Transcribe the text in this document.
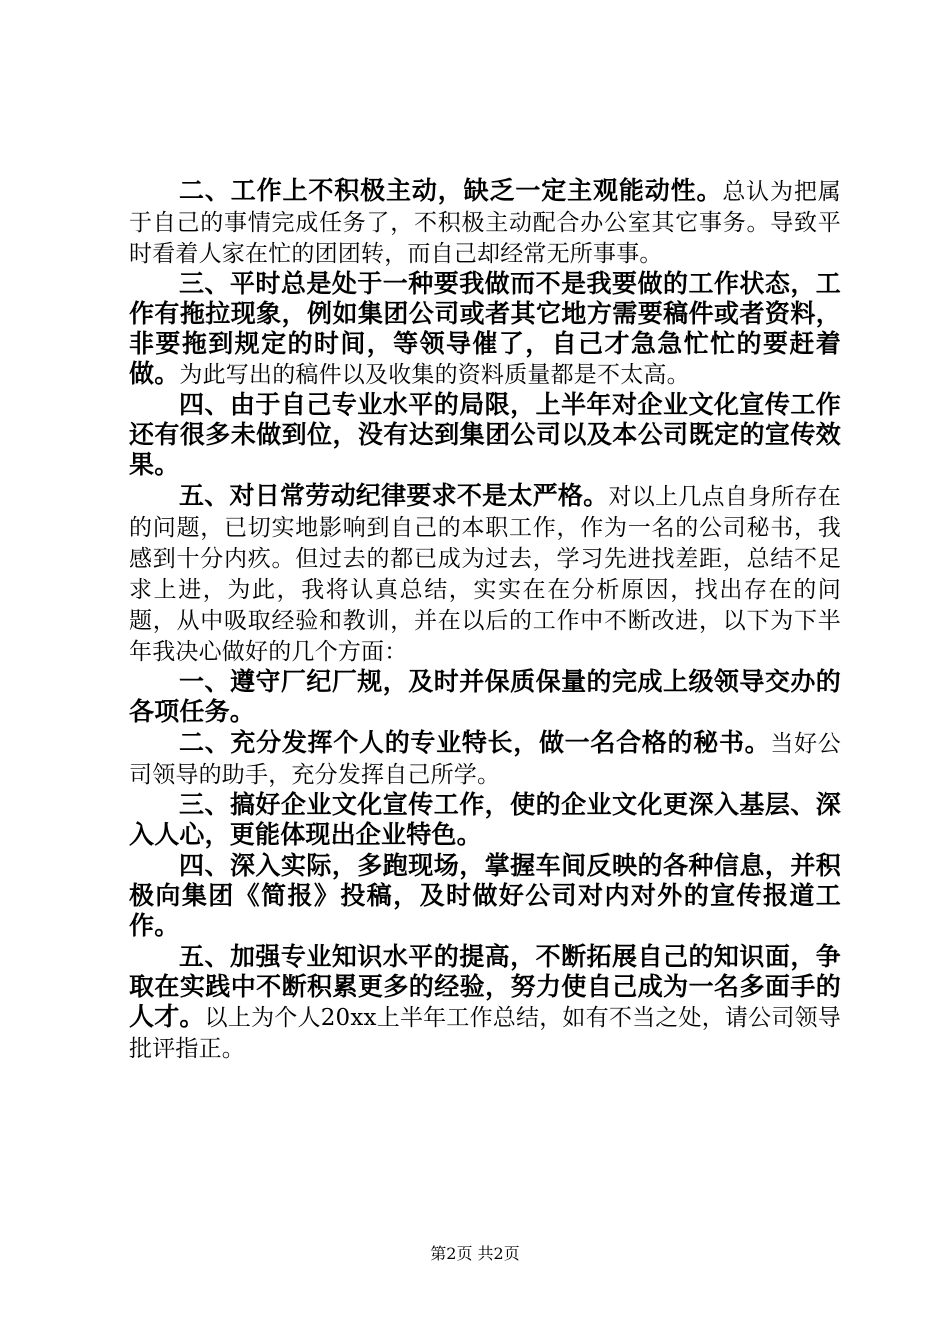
二、工作上不积极主动，缺乏一定主观能动性。总认为把属于自己的事情完成任务了，不积极主动配合办公室其它事务。导致平时看着人家在忙的团团转，而自己却经常无所事事。

三、平时总是处于一种要我做而不是我要做的工作状态，工作有拖拉现象，例如集团公司或者其它地方需要稿件或者资料，非要拖到规定的时间，等领导催了，自己才急急忙忙的要赶着做。为此写出的稿件以及收集的资料质量都是不太高。

四、由于自己专业水平的局限，上半年对企业文化宣传工作还有很多未做到位，没有达到集团公司以及本公司既定的宣传效果。

五、对日常劳动纪律要求不是太严格。对以上几点自身所存在的问题，已切实地影响到自己的本职工作，作为一名的公司秘书，我感到十分内疚。但过去的都已成为过去，学习先进找差距，总结不足求上进，为此，我将认真总结，实实在在分析原因，找出存在的问题，从中吸取经验和教训，并在以后的工作中不断改进，以下为下半年我决心做好的几个方面：

一、遵守厂纪厂规，及时并保质保量的完成上级领导交办的各项任务。

二、充分发挥个人的专业特长，做一名合格的秘书。当好公司领导的助手，充分发挥自己所学。

三、搞好企业文化宣传工作，使的企业文化更深入基层、深入人心，更能体现出企业特色。

四、深入实际，多跑现场，掌握车间反映的各种信息，并积极向集团《简报》投稿，及时做好公司对内对外的宣传报道工作。

五、加强专业知识水平的提高，不断拓展自己的知识面，争取在实践中不断积累更多的经验，努力使自己成为一名多面手的人才。以上为个人20xx上半年工作总结，如有不当之处，请公司领导批评指正。

第2页 共2页
